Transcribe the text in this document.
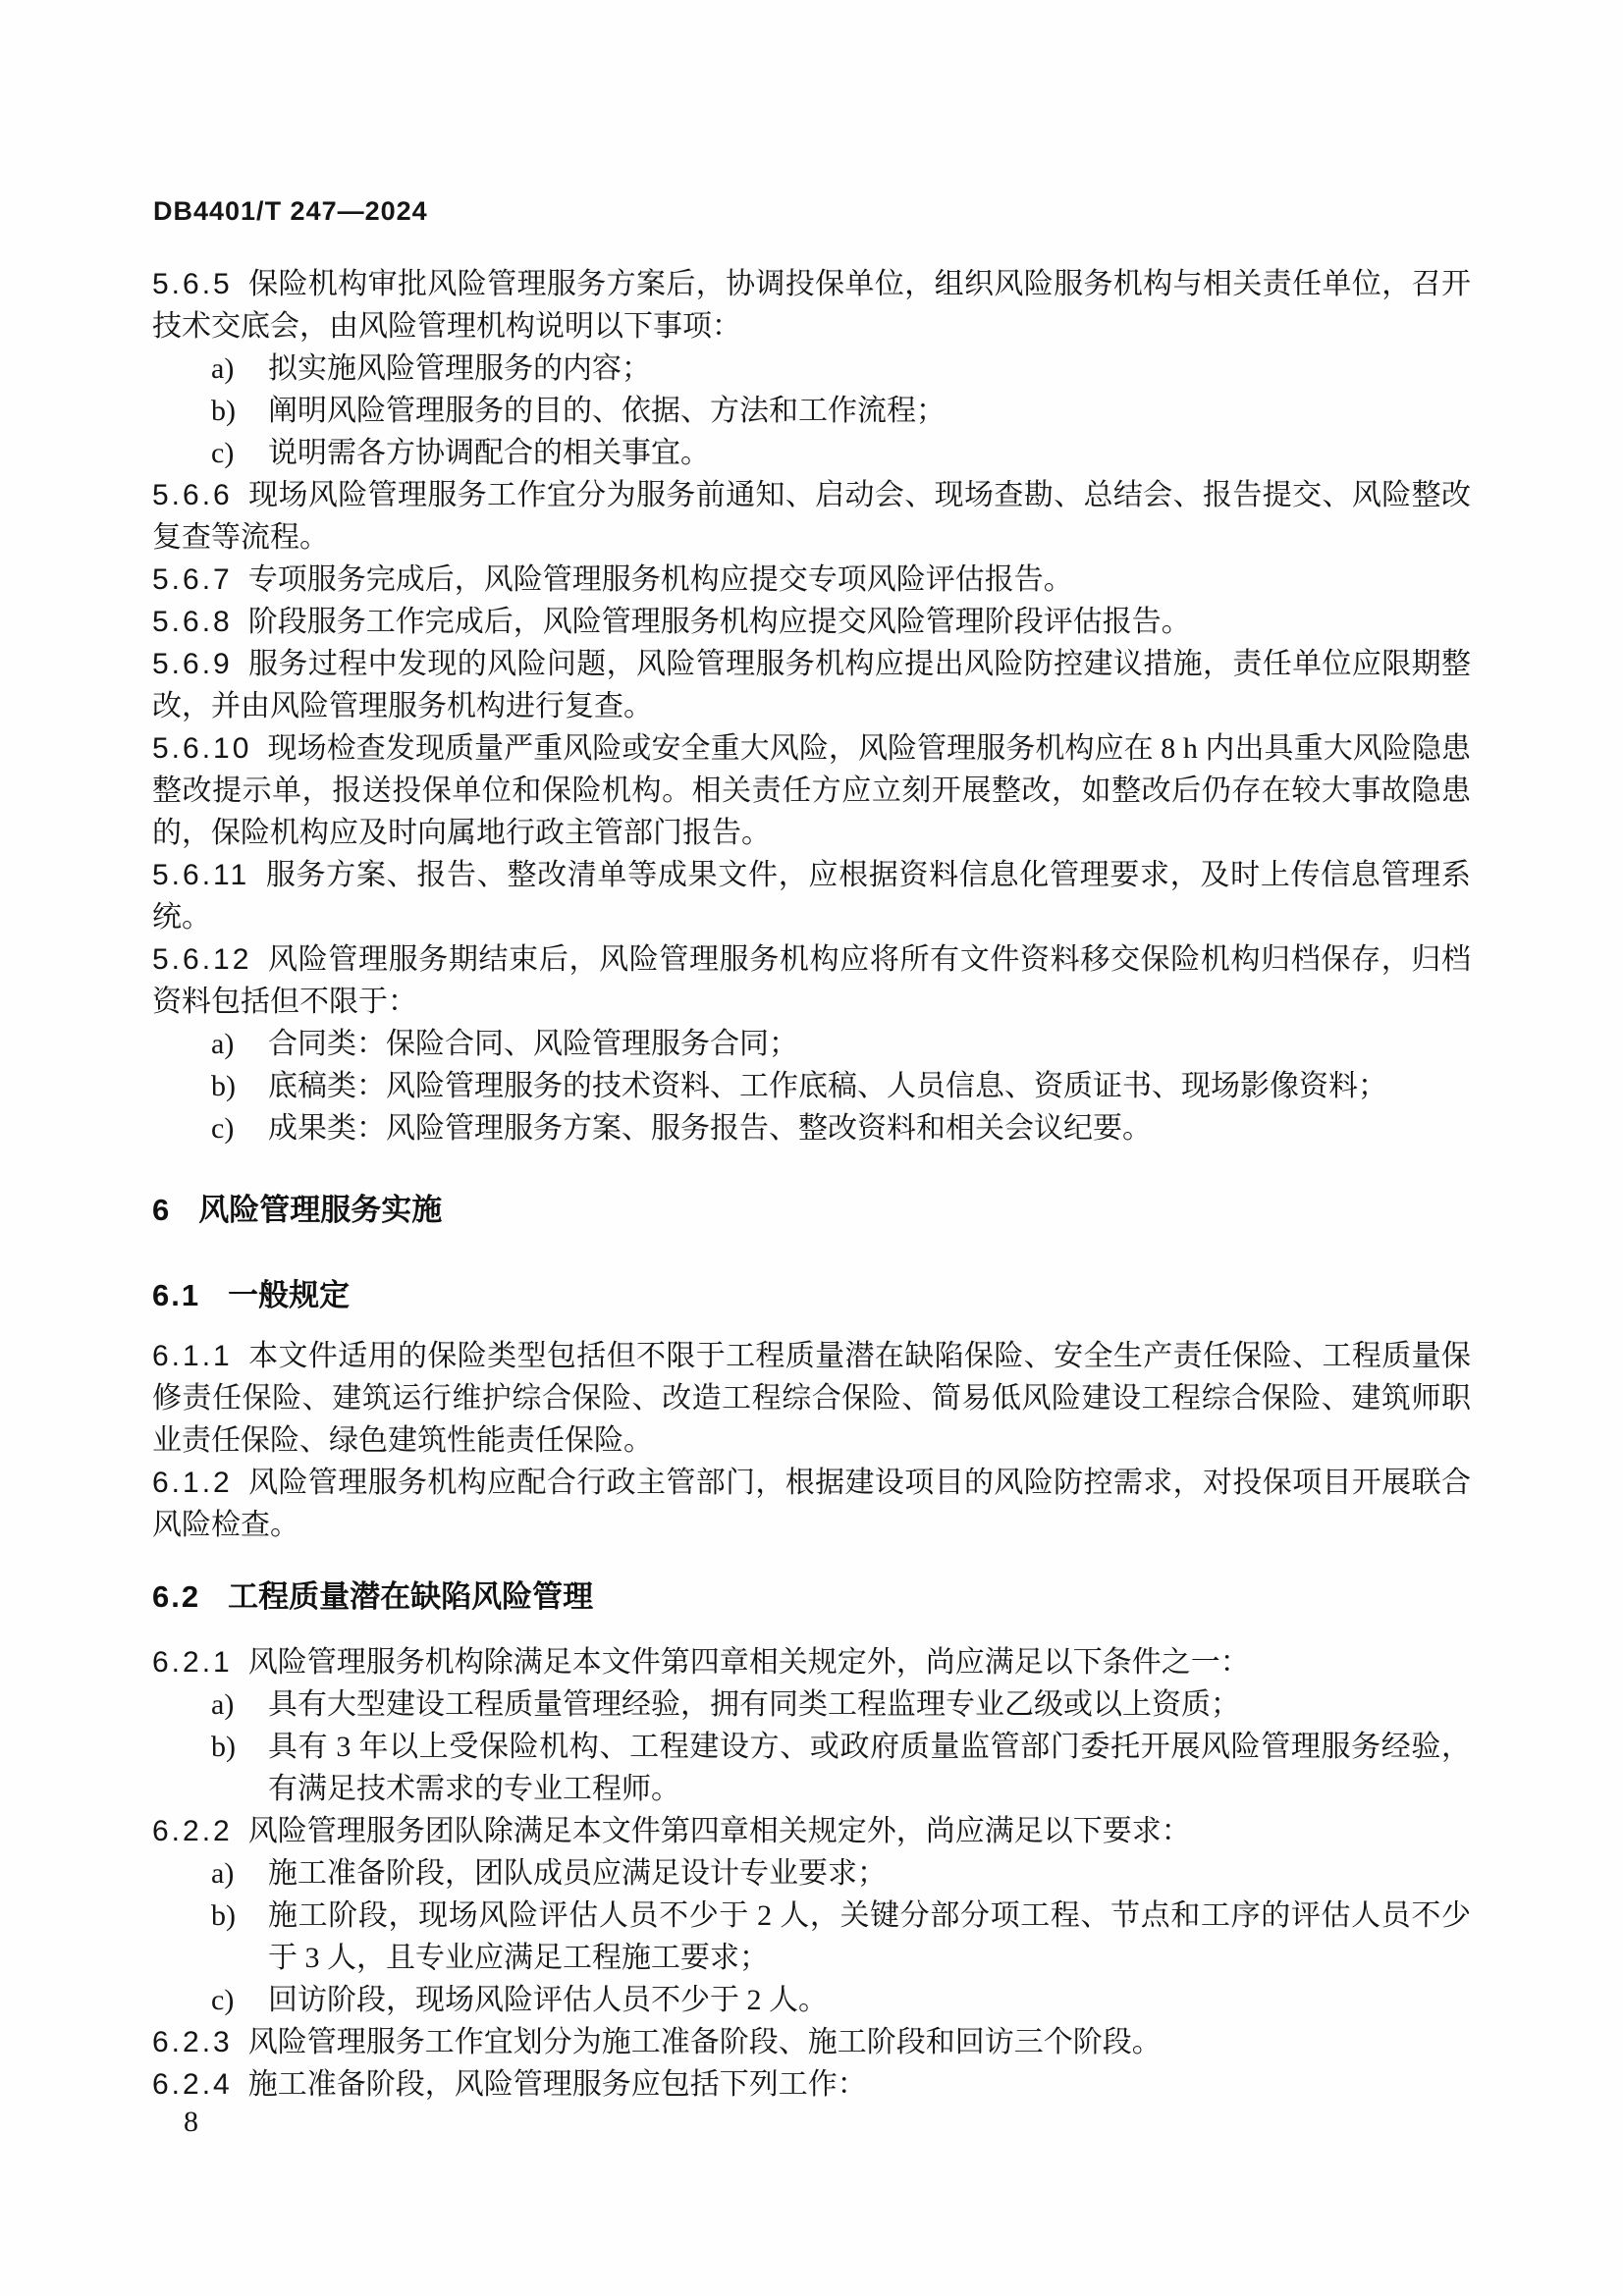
DB4401/T 247—2024

5.6.5 保险机构审批风险管理服务方案后，协调投保单位，组织风险服务机构与相关责任单位，召开技术交底会，由风险管理机构说明以下事项：

a) 拟实施风险管理服务的内容；
b) 阐明风险管理服务的目的、依据、方法和工作流程；
c) 说明需各方协调配合的相关事宜。

5.6.6 现场风险管理服务工作宜分为服务前通知、启动会、现场查勘、总结会、报告提交、风险整改复查等流程。

5.6.7 专项服务完成后，风险管理服务机构应提交专项风险评估报告。

5.6.8 阶段服务工作完成后，风险管理服务机构应提交风险管理阶段评估报告。

5.6.9 服务过程中发现的风险问题，风险管理服务机构应提出风险防控建议措施，责任单位应限期整改，并由风险管理服务机构进行复查。

5.6.10 现场检查发现质量严重风险或安全重大风险，风险管理服务机构应在 8 h 内出具重大风险隐患整改提示单，报送投保单位和保险机构。相关责任方应立刻开展整改，如整改后仍存在较大事故隐患的，保险机构应及时向属地行政主管部门报告。

5.6.11 服务方案、报告、整改清单等成果文件，应根据资料信息化管理要求，及时上传信息管理系统。

5.6.12 风险管理服务期结束后，风险管理服务机构应将所有文件资料移交保险机构归档保存，归档资料包括但不限于：

a) 合同类：保险合同、风险管理服务合同；
b) 底稿类：风险管理服务的技术资料、工作底稿、人员信息、资质证书、现场影像资料；
c) 成果类：风险管理服务方案、服务报告、整改资料和相关会议纪要。
6 风险管理服务实施
6.1 一般规定

6.1.1 本文件适用的保险类型包括但不限于工程质量潜在缺陷保险、安全生产责任保险、工程质量保修责任保险、建筑运行维护综合保险、改造工程综合保险、简易低风险建设工程综合保险、建筑师职业责任保险、绿色建筑性能责任保险。

6.1.2 风险管理服务机构应配合行政主管部门，根据建设项目的风险防控需求，对投保项目开展联合风险检查。

6.2 工程质量潜在缺陷风险管理

6.2.1 风险管理服务机构除满足本文件第四章相关规定外，尚应满足以下条件之一：

a) 具有大型建设工程质量管理经验，拥有同类工程监理专业乙级或以上资质；
b) 具有 3 年以上受保险机构、工程建设方、或政府质量监管部门委托开展风险管理服务经验，有满足技术需求的专业工程师。

6.2.2 风险管理服务团队除满足本文件第四章相关规定外，尚应满足以下要求：

a) 施工准备阶段，团队成员应满足设计专业要求；
b) 施工阶段，现场风险评估人员不少于 2 人，关键分部分项工程、节点和工序的评估人员不少于 3 人，且专业应满足工程施工要求；
c) 回访阶段，现场风险评估人员不少于 2 人。

6.2.3 风险管理服务工作宜划分为施工准备阶段、施工阶段和回访三个阶段。

6.2.4 施工准备阶段，风险管理服务应包括下列工作：

8
